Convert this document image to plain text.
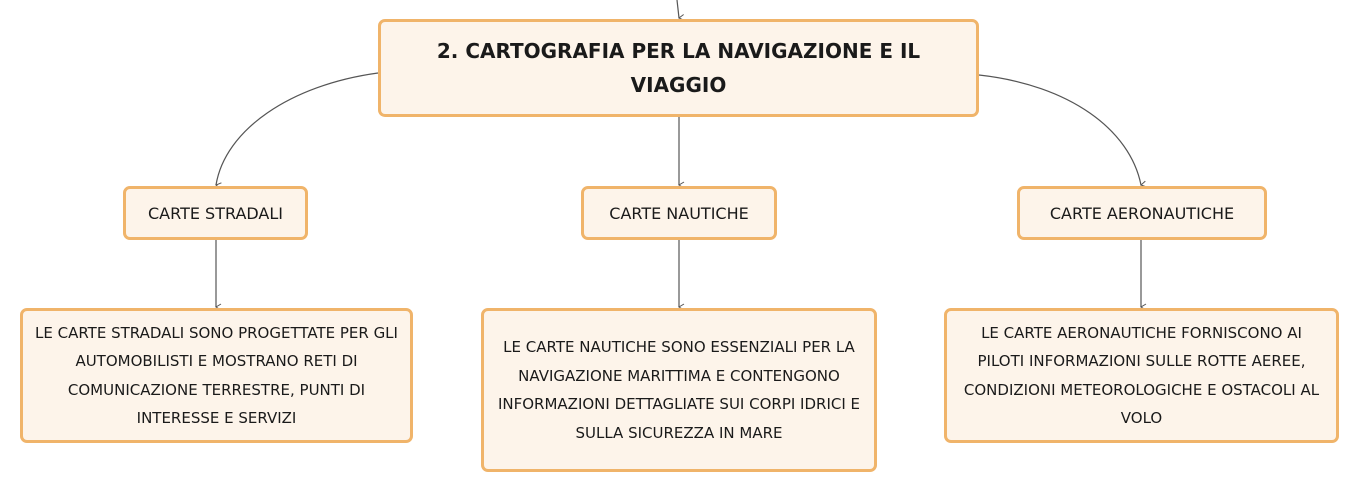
2. CARTOGRAFIA PER LA NAVIGAZIONE E IL VIAGGIO
CARTE STRADALI	CARTE NAUTICHE	CARTE AERONAUTICHE
LE CARTE STRADALI SONO PROGETTATE PER GLI AUTOMOBILISTI E MOSTRANO RETI DI COMUNICAZIONE TERRESTRE, PUNTI DI INTERESSE E SERVIZI
LE CARTE NAUTICHE SONO ESSENZIALI PER LA NAVIGAZIONE MARITTIMA E CONTENGONO INFORMAZIONI DETTAGLIATE SUI CORPI IDRICI E SULLA SICUREZZA IN MARE
LE CARTE AERONAUTICHE FORNISCONO AI PILOTI INFORMAZIONI SULLE ROTTE AEREE, CONDIZIONI METEOROLOGICHE E OSTACOLI AL VOLO
